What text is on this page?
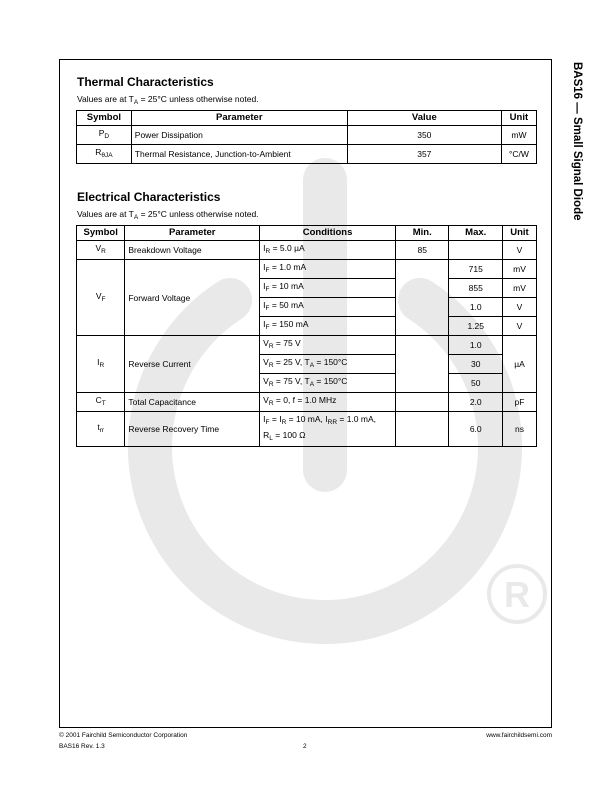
R
BAS16 — Small Signal Diode
Thermal Characteristics

Values are at $T_A = 25^\circ C$ unless otherwise noted.

Symbol	Parameter	Value	Unit
$P_D$	Power Dissipation	350	mW
$R_{\theta JA}$	Thermal Resistance, Junction-to-Ambient	357	°C/W
Electrical Characteristics

Values are at $T_A = 25^\circ C$ unless otherwise noted.

Symbol	Parameter	Conditions	Min.	Max.	Unit
$V_R$	Breakdown Voltage	$I_R = 5.0$ µA	85		V
$V_F$	Forward Voltage	$I_F = 1.0$ mA		715	mV
		$I_F = 10$ mA		855	mV
		$I_F = 50$ mA		1.0	V
		$I_F = 150$ mA		1.25	V
$I_R$	Reverse Current	$V_R = 75$ V		1.0	µA
		$V_R = 25$ V, $T_A = 150^\circ C$		30	
		$V_R = 75$ V, $T_A = 150^\circ C$		50	
$C_T$	Total Capacitance	$V_R = 0$, f = 1.0 MHz		2.0	pF
$t_{rr}$	Reverse Recovery Time	$I_F = I_R = 10$ mA, $I_{RR} = 1.0$ mA,
$R_L = 100$ Ω		6.0	ns
© 2001 Fairchild Semiconductor Corporation
BAS16 Rev. 1.3	2
www.fairchildsemi.com
